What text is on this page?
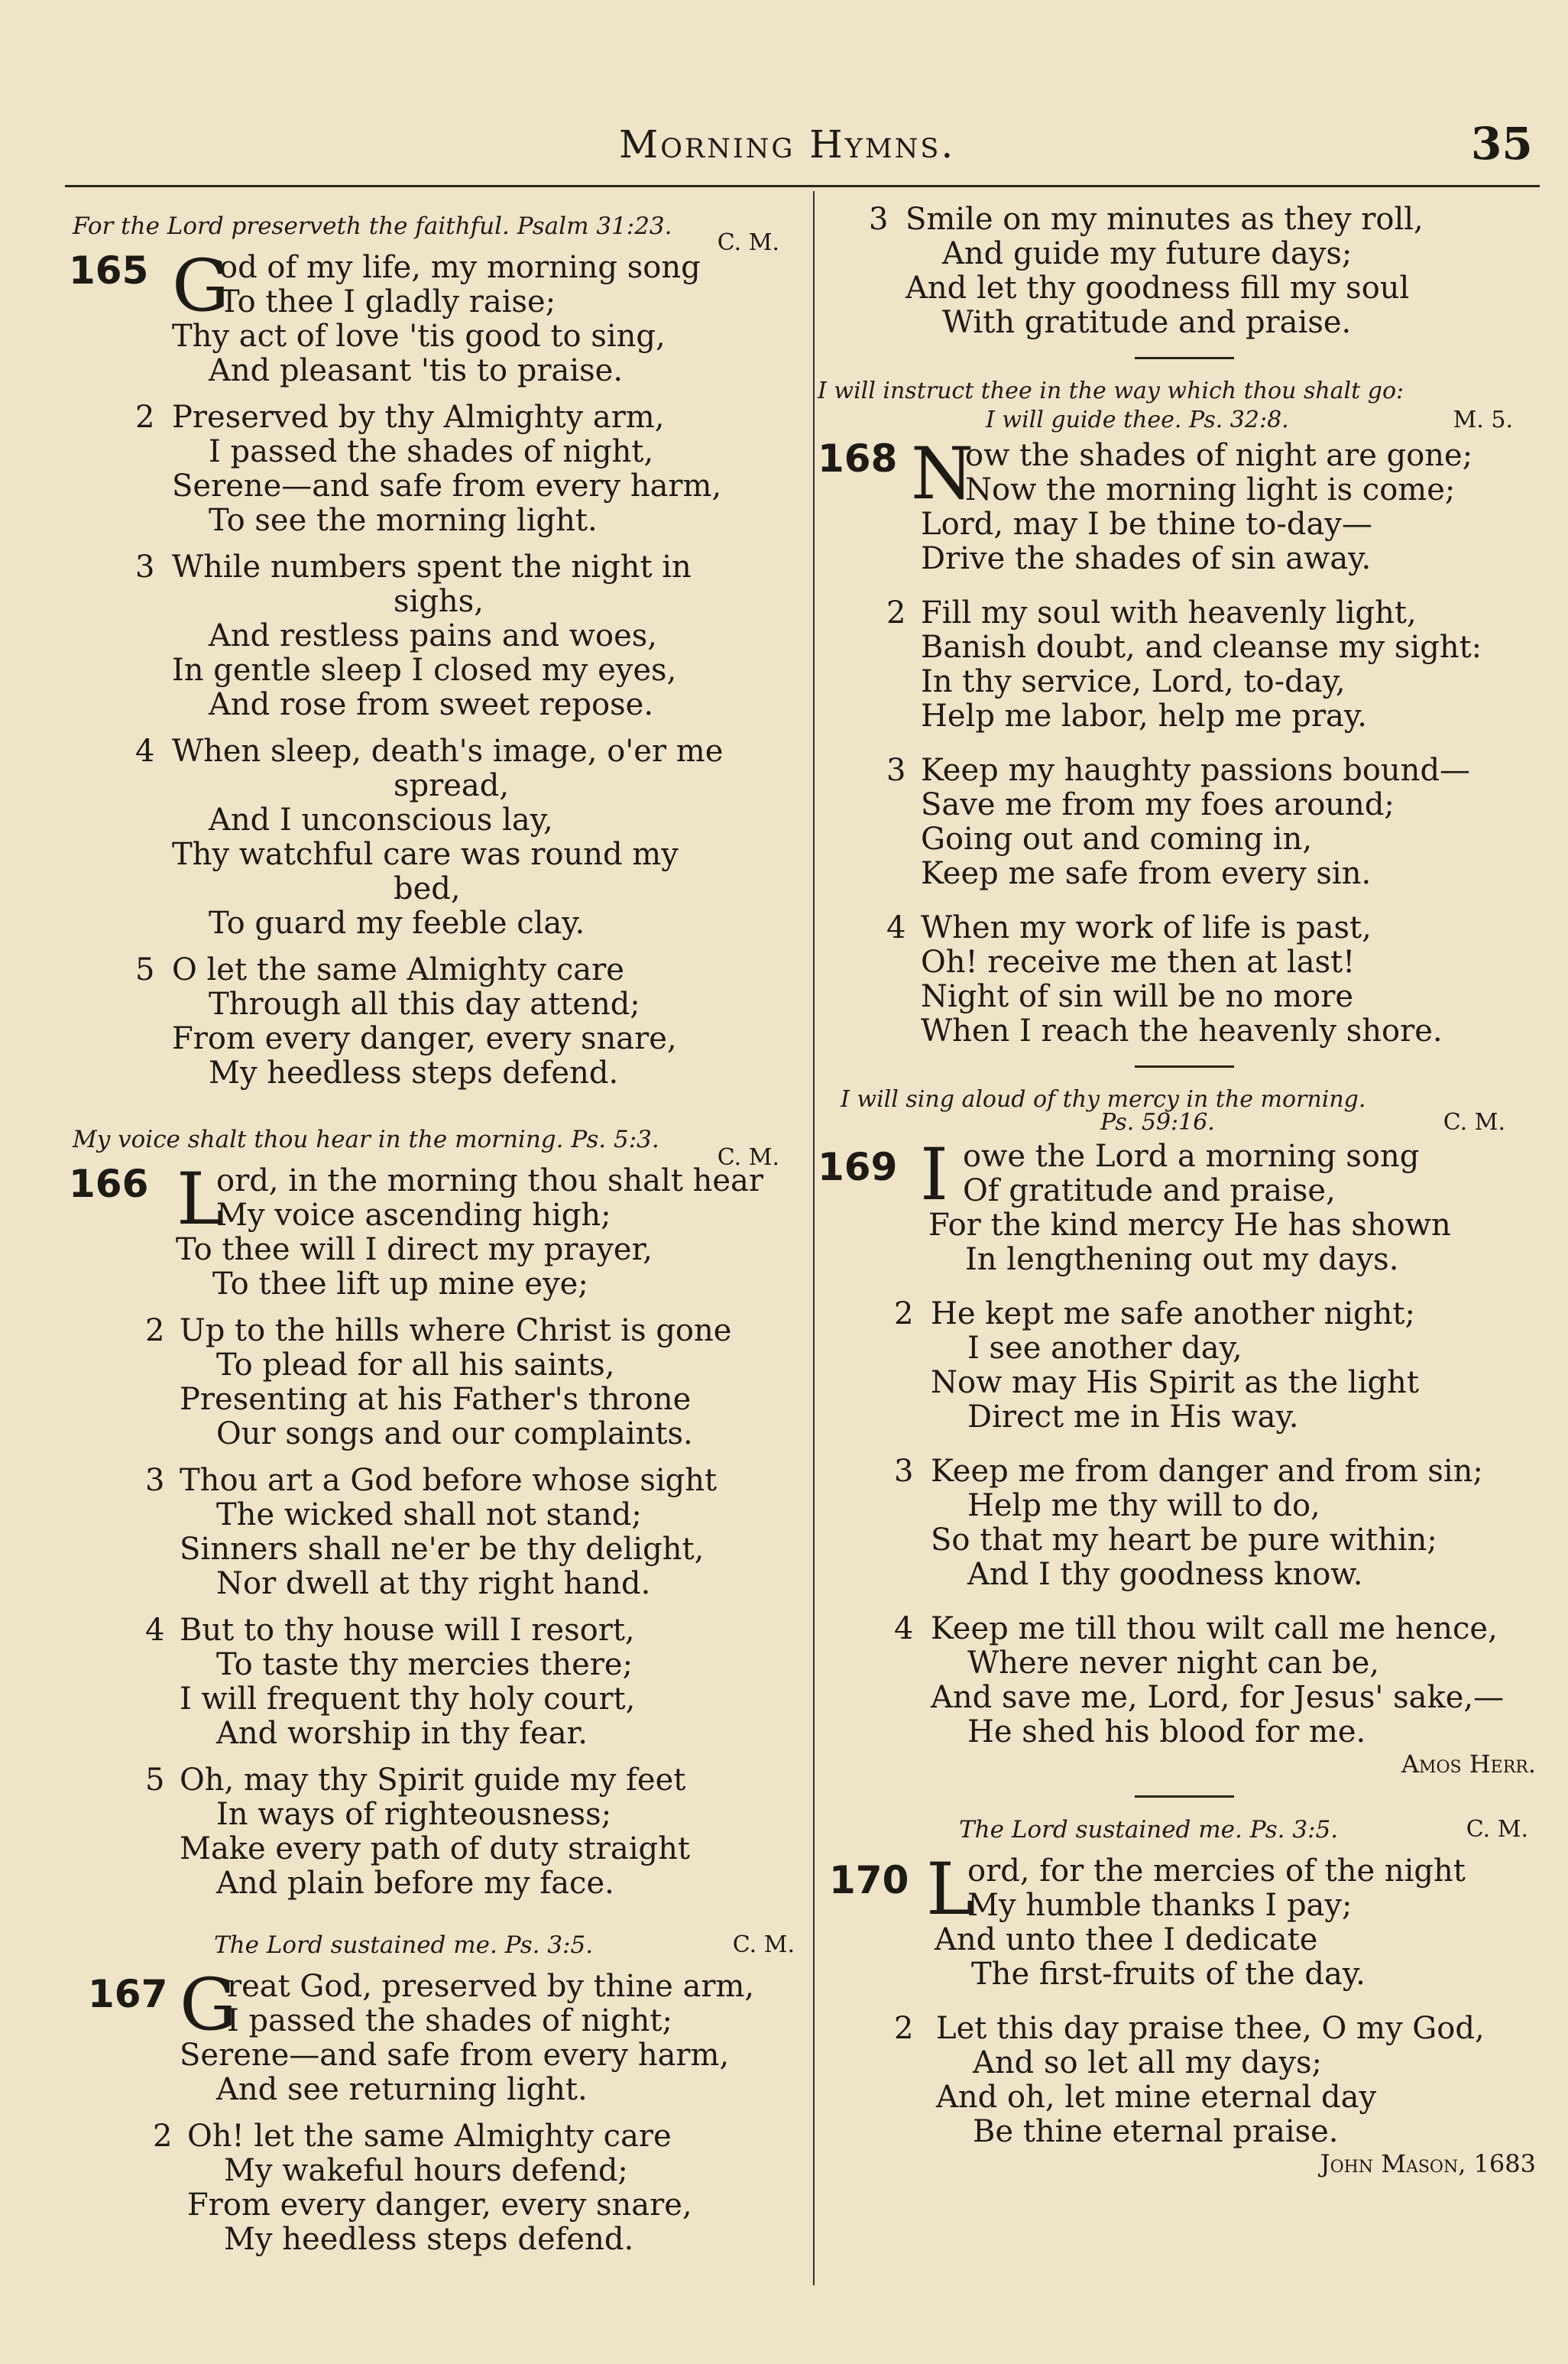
Morning Hymns.	35
For the Lord preserveth the faithful. Psalm 31:23.
C. M.
165 G
od of my life, my morning song
To thee I gladly raise;
Thy act of love 'tis good to sing,
And pleasant 'tis to praise.
2 Preserved by thy Almighty arm,
I passed the shades of night,
Serene—and safe from every harm,
To see the morning light.
3 While numbers spent the night in
sighs,
And restless pains and woes,
In gentle sleep I closed my eyes,
And rose from sweet repose.
4 When sleep, death's image, o'er me
spread,
And I unconscious lay,
Thy watchful care was round my
bed,
To guard my feeble clay.
5 O let the same Almighty care
Through all this day attend;
From every danger, every snare,
My heedless steps defend.
My voice shalt thou hear in the morning. Ps. 5:3.
C. M.
166 L
ord, in the morning thou shalt hear
My voice ascending high;
To thee will I direct my prayer,
To thee lift up mine eye;
2 Up to the hills where Christ is gone
To plead for all his saints,
Presenting at his Father's throne
Our songs and our complaints.
3 Thou art a God before whose sight
The wicked shall not stand;
Sinners shall ne'er be thy delight,
Nor dwell at thy right hand.
4 But to thy house will I resort,
To taste thy mercies there;
I will frequent thy holy court,
And worship in thy fear.
5 Oh, may thy Spirit guide my feet
In ways of righteousness;
Make every path of duty straight
And plain before my face.
The Lord sustained me. Ps. 3:5.	C. M.
167 G
reat God, preserved by thine arm,
I passed the shades of night;
Serene—and safe from every harm,
And see returning light.
2 Oh! let the same Almighty care
My wakeful hours defend;
From every danger, every snare,
My heedless steps defend.
3 Smile on my minutes as they roll,
And guide my future days;
And let thy goodness fill my soul
With gratitude and praise.
I will instruct thee in the way which thou shalt go:
I will guide thee. Ps. 32:8.	M. 5.
168 N
ow the shades of night are gone;
Now the morning light is come;
Lord, may I be thine to-day—
Drive the shades of sin away.
2 Fill my soul with heavenly light,
Banish doubt, and cleanse my sight:
In thy service, Lord, to-day,
Help me labor, help me pray.
3 Keep my haughty passions bound—
Save me from my foes around;
Going out and coming in,
Keep me safe from every sin.
4 When my work of life is past,
Oh! receive me then at last!
Night of sin will be no more
When I reach the heavenly shore.
I will sing aloud of thy mercy in the morning.
Ps. 59:16.	C. M.
169 I owe the Lord a morning song
Of gratitude and praise,
For the kind mercy He has shown
In lengthening out my days.
2 He kept me safe another night;
I see another day,
Now may His Spirit as the light
Direct me in His way.
3 Keep me from danger and from sin;
Help me thy will to do,
So that my heart be pure within;
And I thy goodness know.
4 Keep me till thou wilt call me hence,
Where never night can be,
And save me, Lord, for Jesus' sake,—
He shed his blood for me.
Amos Herr.
The Lord sustained me. Ps. 3:5.	C. M.
170 L
ord, for the mercies of the night
My humble thanks I pay;
And unto thee I dedicate
The first-fruits of the day.
2 Let this day praise thee, O my God,
And so let all my days;
And oh, let mine eternal day
Be thine eternal praise.
John Mason, 1683
